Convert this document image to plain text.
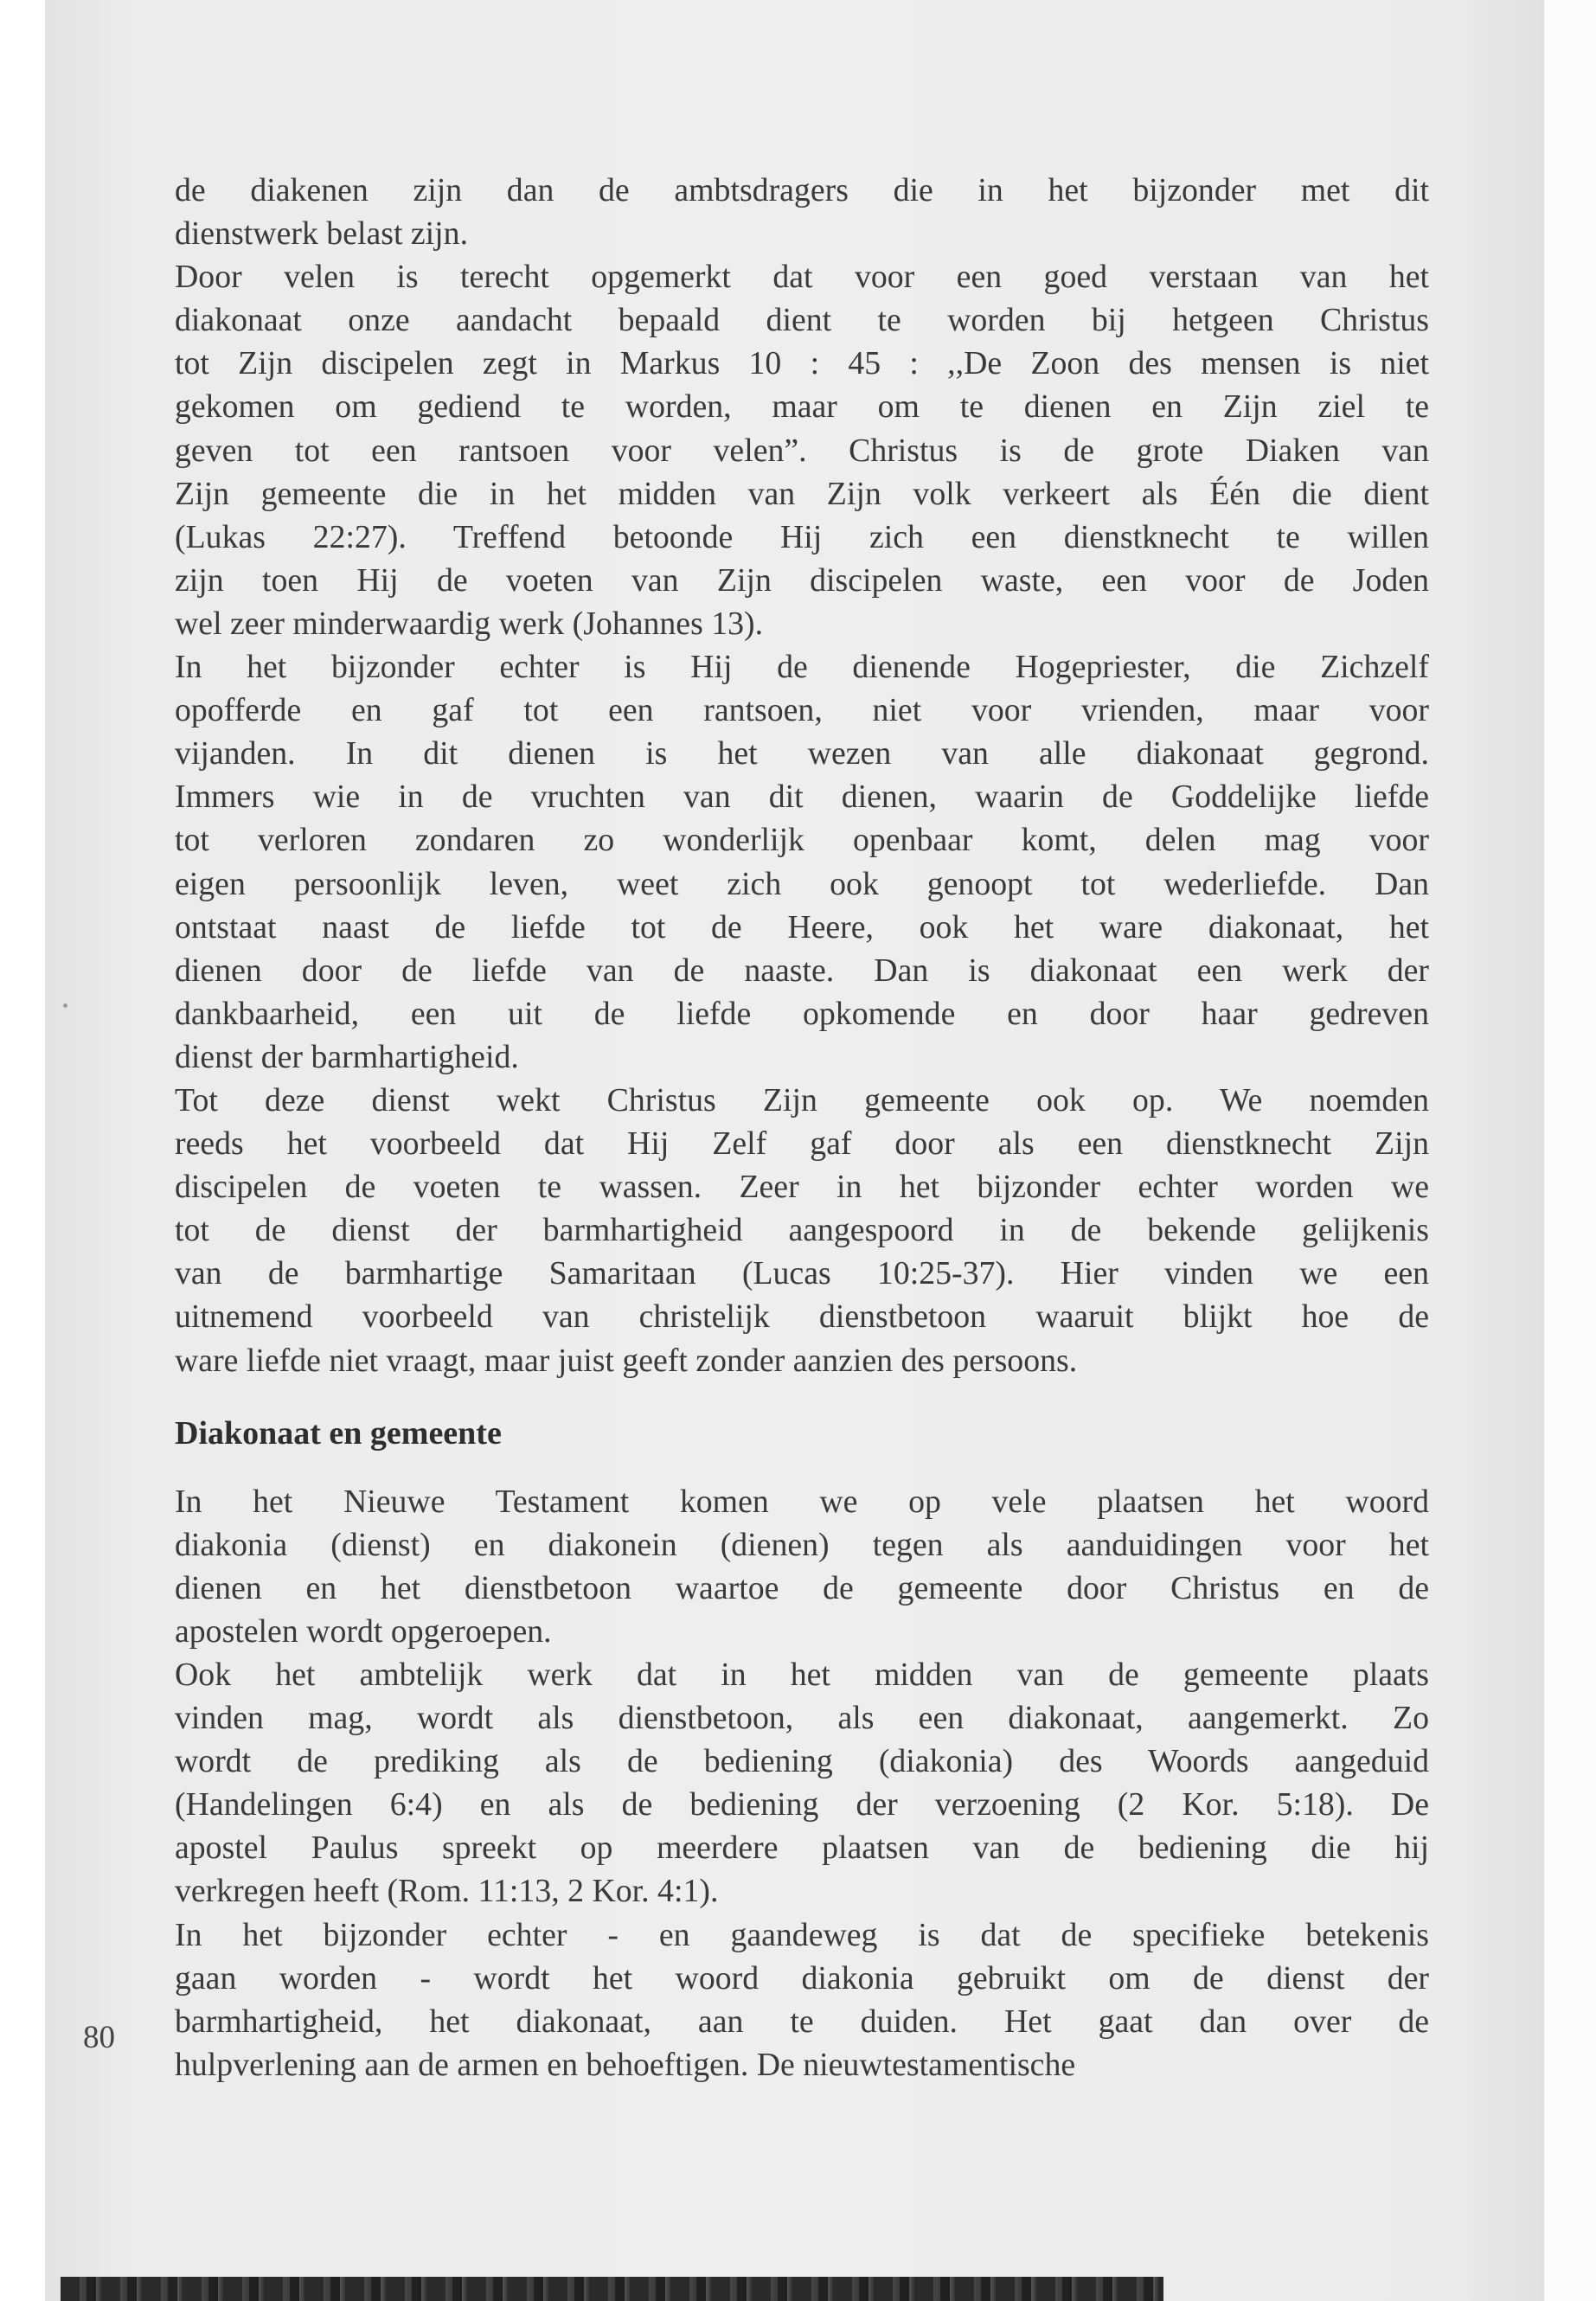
de diakenen zijn dan de ambtsdragers die in het bijzonder met dit
dienstwerk belast zijn.
Door velen is terecht opgemerkt dat voor een goed verstaan van het
diakonaat onze aandacht bepaald dient te worden bij hetgeen Christus
tot Zijn discipelen zegt in Markus 10 : 45 : ,,De Zoon des mensen is niet
gekomen om gediend te worden, maar om te dienen en Zijn ziel te
geven tot een rantsoen voor velen”. Christus is de grote Diaken van
Zijn gemeente die in het midden van Zijn volk verkeert als Één die dient
(Lukas 22:27). Treffend betoonde Hij zich een dienstknecht te willen
zijn toen Hij de voeten van Zijn discipelen waste, een voor de Joden
wel zeer minderwaardig werk (Johannes 13).
In het bijzonder echter is Hij de dienende Hogepriester, die Zichzelf
opofferde en gaf tot een rantsoen, niet voor vrienden, maar voor
vijanden. In dit dienen is het wezen van alle diakonaat gegrond.
Immers wie in de vruchten van dit dienen, waarin de Goddelijke liefde
tot verloren zondaren zo wonderlijk openbaar komt, delen mag voor
eigen persoonlijk leven, weet zich ook genoopt tot wederliefde. Dan
ontstaat naast de liefde tot de Heere, ook het ware diakonaat, het
dienen door de liefde van de naaste. Dan is diakonaat een werk der
dankbaarheid, een uit de liefde opkomende en door haar gedreven
dienst der barmhartigheid.
Tot deze dienst wekt Christus Zijn gemeente ook op. We noemden
reeds het voorbeeld dat Hij Zelf gaf door als een dienstknecht Zijn
discipelen de voeten te wassen. Zeer in het bijzonder echter worden we
tot de dienst der barmhartigheid aangespoord in de bekende gelijkenis
van de barmhartige Samaritaan (Lucas 10:25-37). Hier vinden we een
uitnemend voorbeeld van christelijk dienstbetoon waaruit blijkt hoe de
ware liefde niet vraagt, maar juist geeft zonder aanzien des persoons.
Diakonaat en gemeente
In het Nieuwe Testament komen we op vele plaatsen het woord
diakonia (dienst) en diakonein (dienen) tegen als aanduidingen voor het
dienen en het dienstbetoon waartoe de gemeente door Christus en de
apostelen wordt opgeroepen.
Ook het ambtelijk werk dat in het midden van de gemeente plaats
vinden mag, wordt als dienstbetoon, als een diakonaat, aangemerkt. Zo
wordt de prediking als de bediening (diakonia) des Woords aangeduid
(Handelingen 6:4) en als de bediening der verzoening (2 Kor. 5:18). De
apostel Paulus spreekt op meerdere plaatsen van de bediening die hij
verkregen heeft (Rom. 11:13, 2 Kor. 4:1).
In het bijzonder echter - en gaandeweg is dat de specifieke betekenis
gaan worden - wordt het woord diakonia gebruikt om de dienst der
barmhartigheid, het diakonaat, aan te duiden. Het gaat dan over de
hulpverlening aan de armen en behoeftigen. De nieuwtestamentische
80
